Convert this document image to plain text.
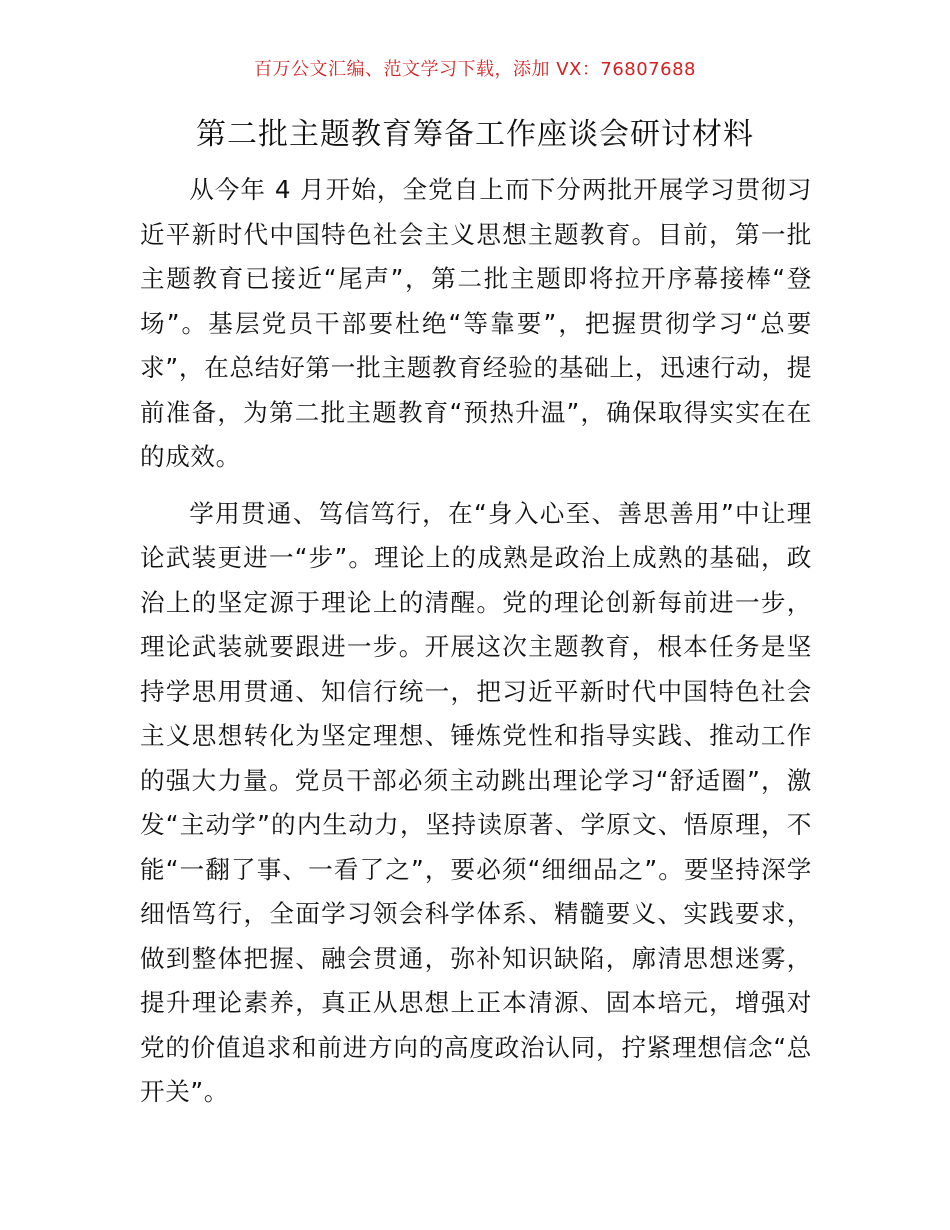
百万公文汇编、范文学习下载，添加 VX：76807688
第二批主题教育筹备工作座谈会研讨材料

从今年 4 月开始，全党自上而下分两批开展学习贯彻习近平新时代中国特色社会主义思想主题教育。目前，第一批主题教育已接近“尾声”，第二批主题即将拉开序幕接棒“登场”。基层党员干部要杜绝“等靠要”，把握贯彻学习“总要求”，在总结好第一批主题教育经验的基础上，迅速行动，提前准备，为第二批主题教育“预热升温”，确保取得实实在在的成效。

学用贯通、笃信笃行，在“身入心至、善思善用”中让理论武装更进一“步”。理论上的成熟是政治上成熟的基础，政治上的坚定源于理论上的清醒。党的理论创新每前进一步，理论武装就要跟进一步。开展这次主题教育，根本任务是坚持学思用贯通、知信行统一，把习近平新时代中国特色社会主义思想转化为坚定理想、锤炼党性和指导实践、推动工作的强大力量。党员干部必须主动跳出理论学习“舒适圈”，激发“主动学”的内生动力，坚持读原著、学原文、悟原理，不能“一翻了事、一看了之”，要必须“细细品之”。要坚持深学细悟笃行，全面学习领会科学体系、精髓要义、实践要求，做到整体把握、融会贯通，弥补知识缺陷，廓清思想迷雾，提升理论素养，真正从思想上正本清源、固本培元，增强对党的价值追求和前进方向的高度政治认同，拧紧理想信念“总开关”。
